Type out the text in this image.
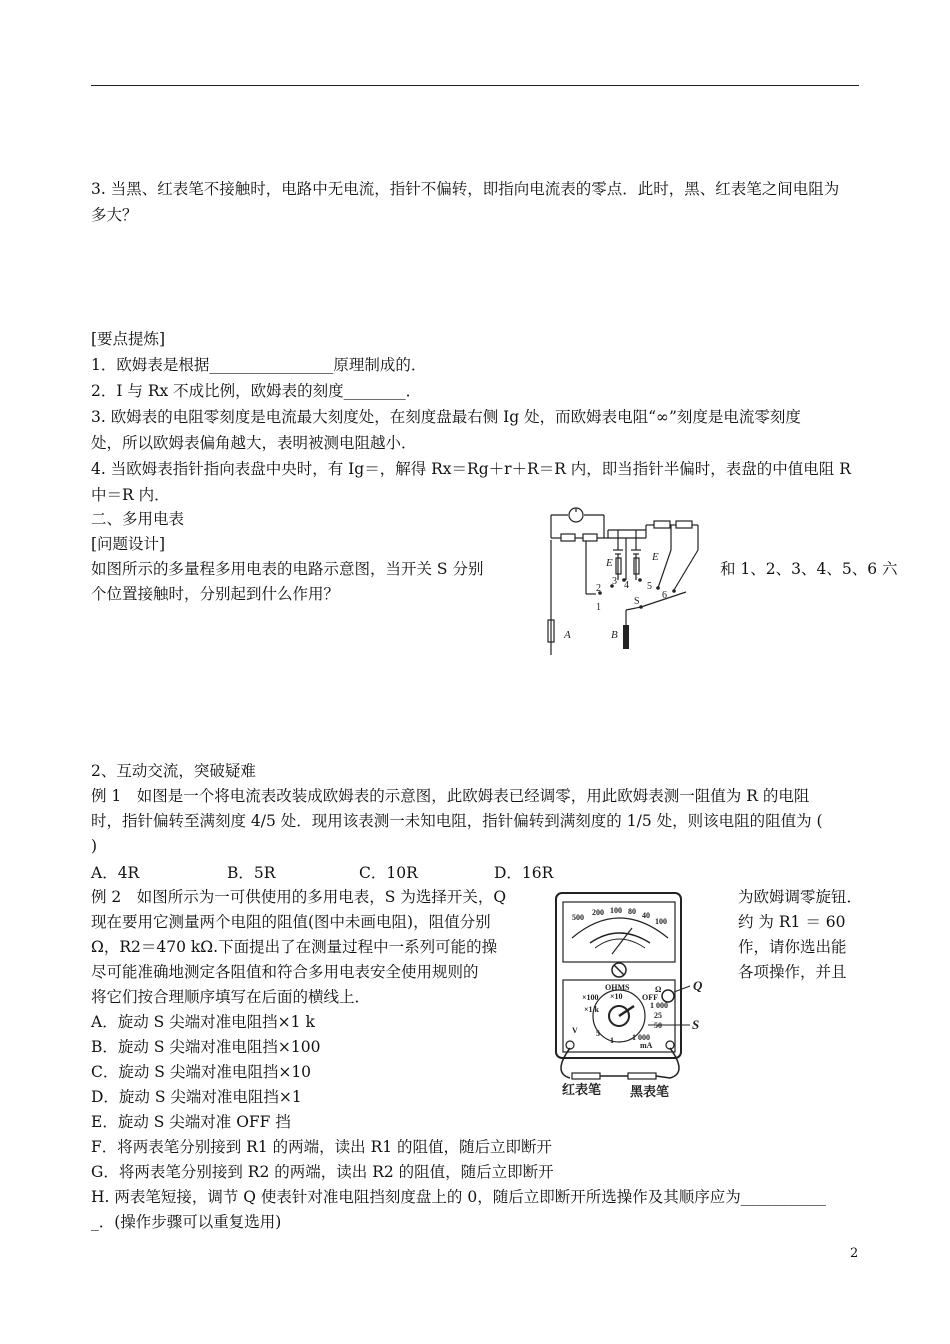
3. 当黑、红表笔不接触时，电路中无电流，指针不偏转，即指向电流表的零点．此时，黑、红表笔之间电阻为
多大？
[要点提炼]
1．欧姆表是根据________________原理制成的．
2．I 与 Rx 不成比例，欧姆表的刻度________．
3. 欧姆表的电阻零刻度是电流最大刻度处，在刻度盘最右侧 Ig 处，而欧姆表电阻“∞”刻度是电流零刻度
处，所以欧姆表偏角越大，表明被测电阻越小．
4. 当欧姆表指针指向表盘中央时，有 Ig＝，解得 Rx＝Rg＋r＋R＝R 内，即当指针半偏时，表盘的中值电阻 R
中＝R 内．
二、多用电表
[问题设计]
如图所示的多量程多用电表的电路示意图，当开关 S 分别	和 1、2、3、4、5、6 六
个位置接触时，分别起到什么作用？
E	E
A	B
2
1
3 4 5
6
S
2、互动交流，突破疑难
例 1　如图是一个将电流表改装成欧姆表的示意图，此欧姆表已经调零，用此欧姆表测一阻值为 R 的电阻
时，指针偏转至满刻度 4/5 处．现用该表测一未知电阻，指针偏转到满刻度的 1/5 处，则该电阻的阻值为 (
)
A．4R	B．5R	C．10R	D．16R
例 2　如图所示为一可供使用的多用电表，S 为选择开关，Q	为欧姆调零旋钮．
现在要用它测量两个电阻的阻值(图中未画电阻)，阻值分别	约 为 R1 ＝ 60
Ω，R2＝470 kΩ.下面提出了在测量过程中一系列可能的操	作，请你选出能
尽可能准确地测定各阻值和符合多用电表安全使用规则的	各项操作，并且
将它们按合理顺序填写在后面的横线上．
A．旋动 S 尖端对准电阻挡×1 k
B．旋动 S 尖端对准电阻挡×100
C．旋动 S 尖端对准电阻挡×10
D．旋动 S 尖端对准电阻挡×1
E．旋动 S 尖端对准 OFF 挡
F．将两表笔分别接到 R1 的两端，读出 R1 的阻值，随后立即断开
G．将两表笔分别接到 R2 的两端，读出 R2 的阻值，随后立即断开
H. 两表笔短接，调节 Q 使表针对准电阻挡刻度盘上的 0，随后立即断开所选操作及其顺序应为___________
_．(操作步骤可以重复选用)
500
200 100 80 40
100
OHMS
×10
×100
×1 k
OFF
Ω
1 000
25
50
1 000
mA
V 5
1
Q
S
红表笔 黑表笔
2
